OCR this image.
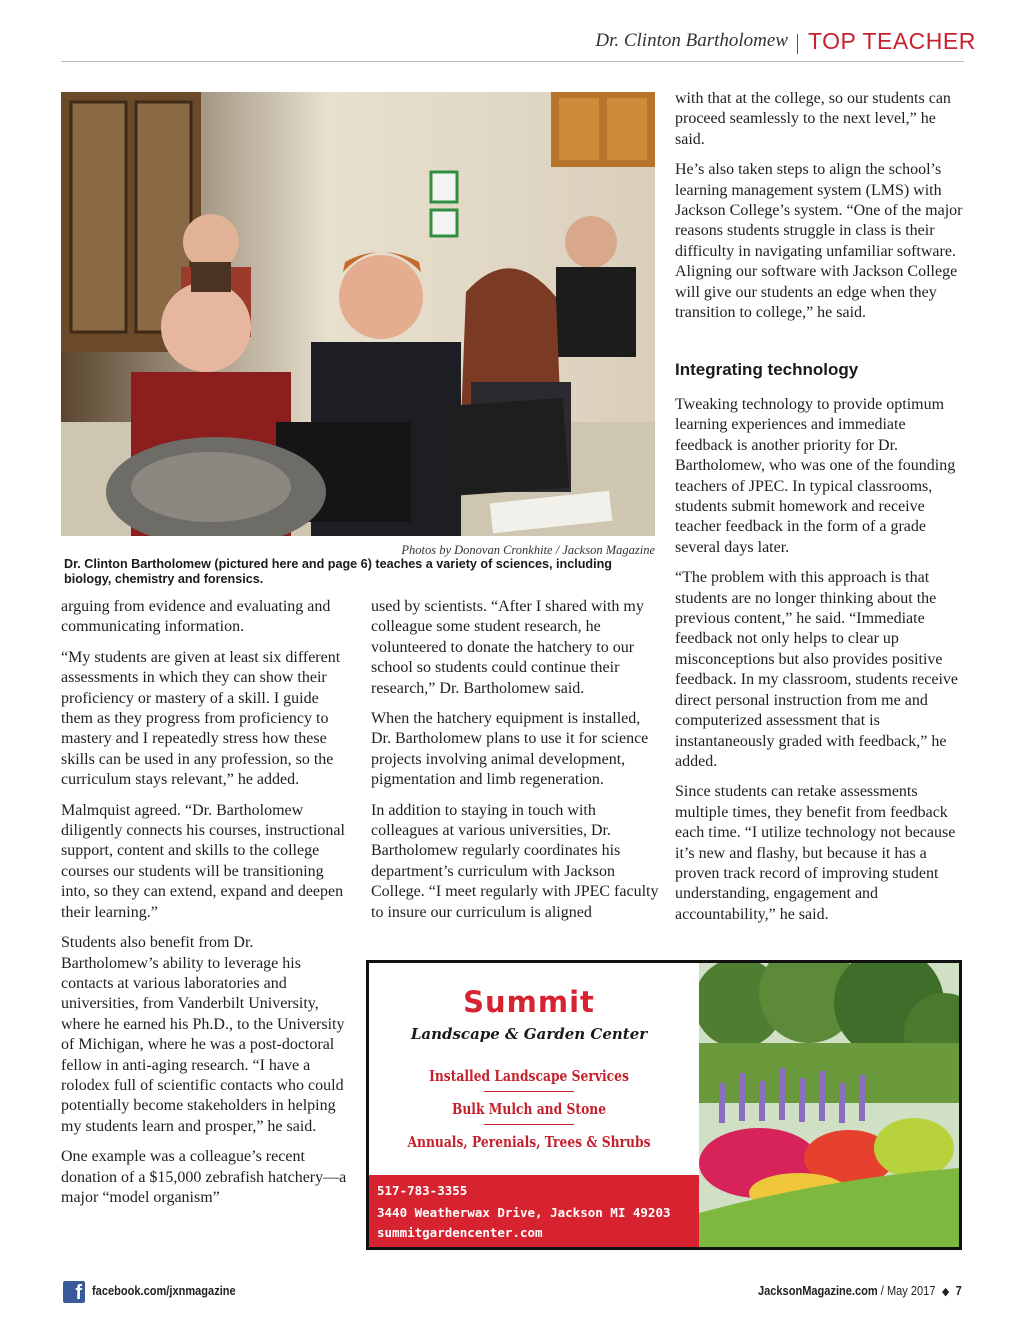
Dr. Clinton Bartholomew TOP TEACHER
Photos by Donovan Cronkhite / Jackson Magazine
Dr. Clinton Bartholomew (pictured here and page 6) teaches a variety of sciences, including biology, chemistry and forensics.

arguing from evidence and evaluating and communicating information.

“My students are given at least six different assessments in which they can show their proficiency or mastery of a skill. I guide them as they progress from proficiency to mastery and I repeatedly stress how these skills can be used in any profession, so the curriculum stays relevant,” he added.

Malmquist agreed. “Dr. Bartholomew diligently connects his courses, instructional support, content and skills to the college courses our students will be transitioning into, so they can extend, expand and deepen their learning.”

Students also benefit from Dr. Bartholomew’s ability to leverage his contacts at various laboratories and universities, from Vanderbilt University, where he earned his Ph.D., to the University of Michigan, where he was a post-doctoral fellow in anti-aging research. “I have a rolodex full of scientific contacts who could potentially become stakeholders in helping my students learn and prosper,” he said.

One example was a colleague’s recent donation of a $15,000 zebrafish hatchery—a major “model organism”

used by scientists. “After I shared with my colleague some student research, he volunteered to donate the hatchery to our school so students could continue their research,” Dr. Bartholomew said.

When the hatchery equipment is installed, Dr. Bartholomew plans to use it for science projects involving animal development, pigmentation and limb regeneration.

In addition to staying in touch with colleagues at various universities, Dr. Bartholomew regularly coordinates his department’s curriculum with Jackson College. “I meet regularly with JPEC faculty to insure our curriculum is aligned

with that at the college, so our students can proceed seamlessly to the next level,” he said.

He’s also taken steps to align the school’s learning management system (LMS) with Jackson College’s system. “One of the major reasons students struggle in class is their difficulty in navigating unfamiliar software. Aligning our software with Jackson College will give our students an edge when they transition to college,” he said.

Integrating technology

Tweaking technology to provide optimum learning experiences and immediate feedback is another priority for Dr. Bartholomew, who was one of the founding teachers of JPEC. In typical classrooms, students submit homework and receive teacher feedback in the form of a grade several days later.

“The problem with this approach is that students are no longer thinking about the previous content,” he said. “Immediate feedback not only helps to clear up misconceptions but also provides positive feedback. In my classroom, students receive direct personal instruction from me and computerized assessment that is instantaneously graded with feedback,” he added.

Since students can retake assessments multiple times, they benefit from feedback each time. “I utilize technology not because it’s new and flashy, but because it has a proven track record of improving student understanding, engagement and accountability,” he said.

Summit
Landscape & Garden Center
Installed Landscape Services
Bulk Mulch and Stone
Annuals, Perenials, Trees & Shrubs
517-783-3355
3440 Weatherwax Drive, Jackson MI 49203
summitgardencenter.com
f facebook.com/jxnmagazine	JacksonMagazine.com / May 2017 ◆ 7
